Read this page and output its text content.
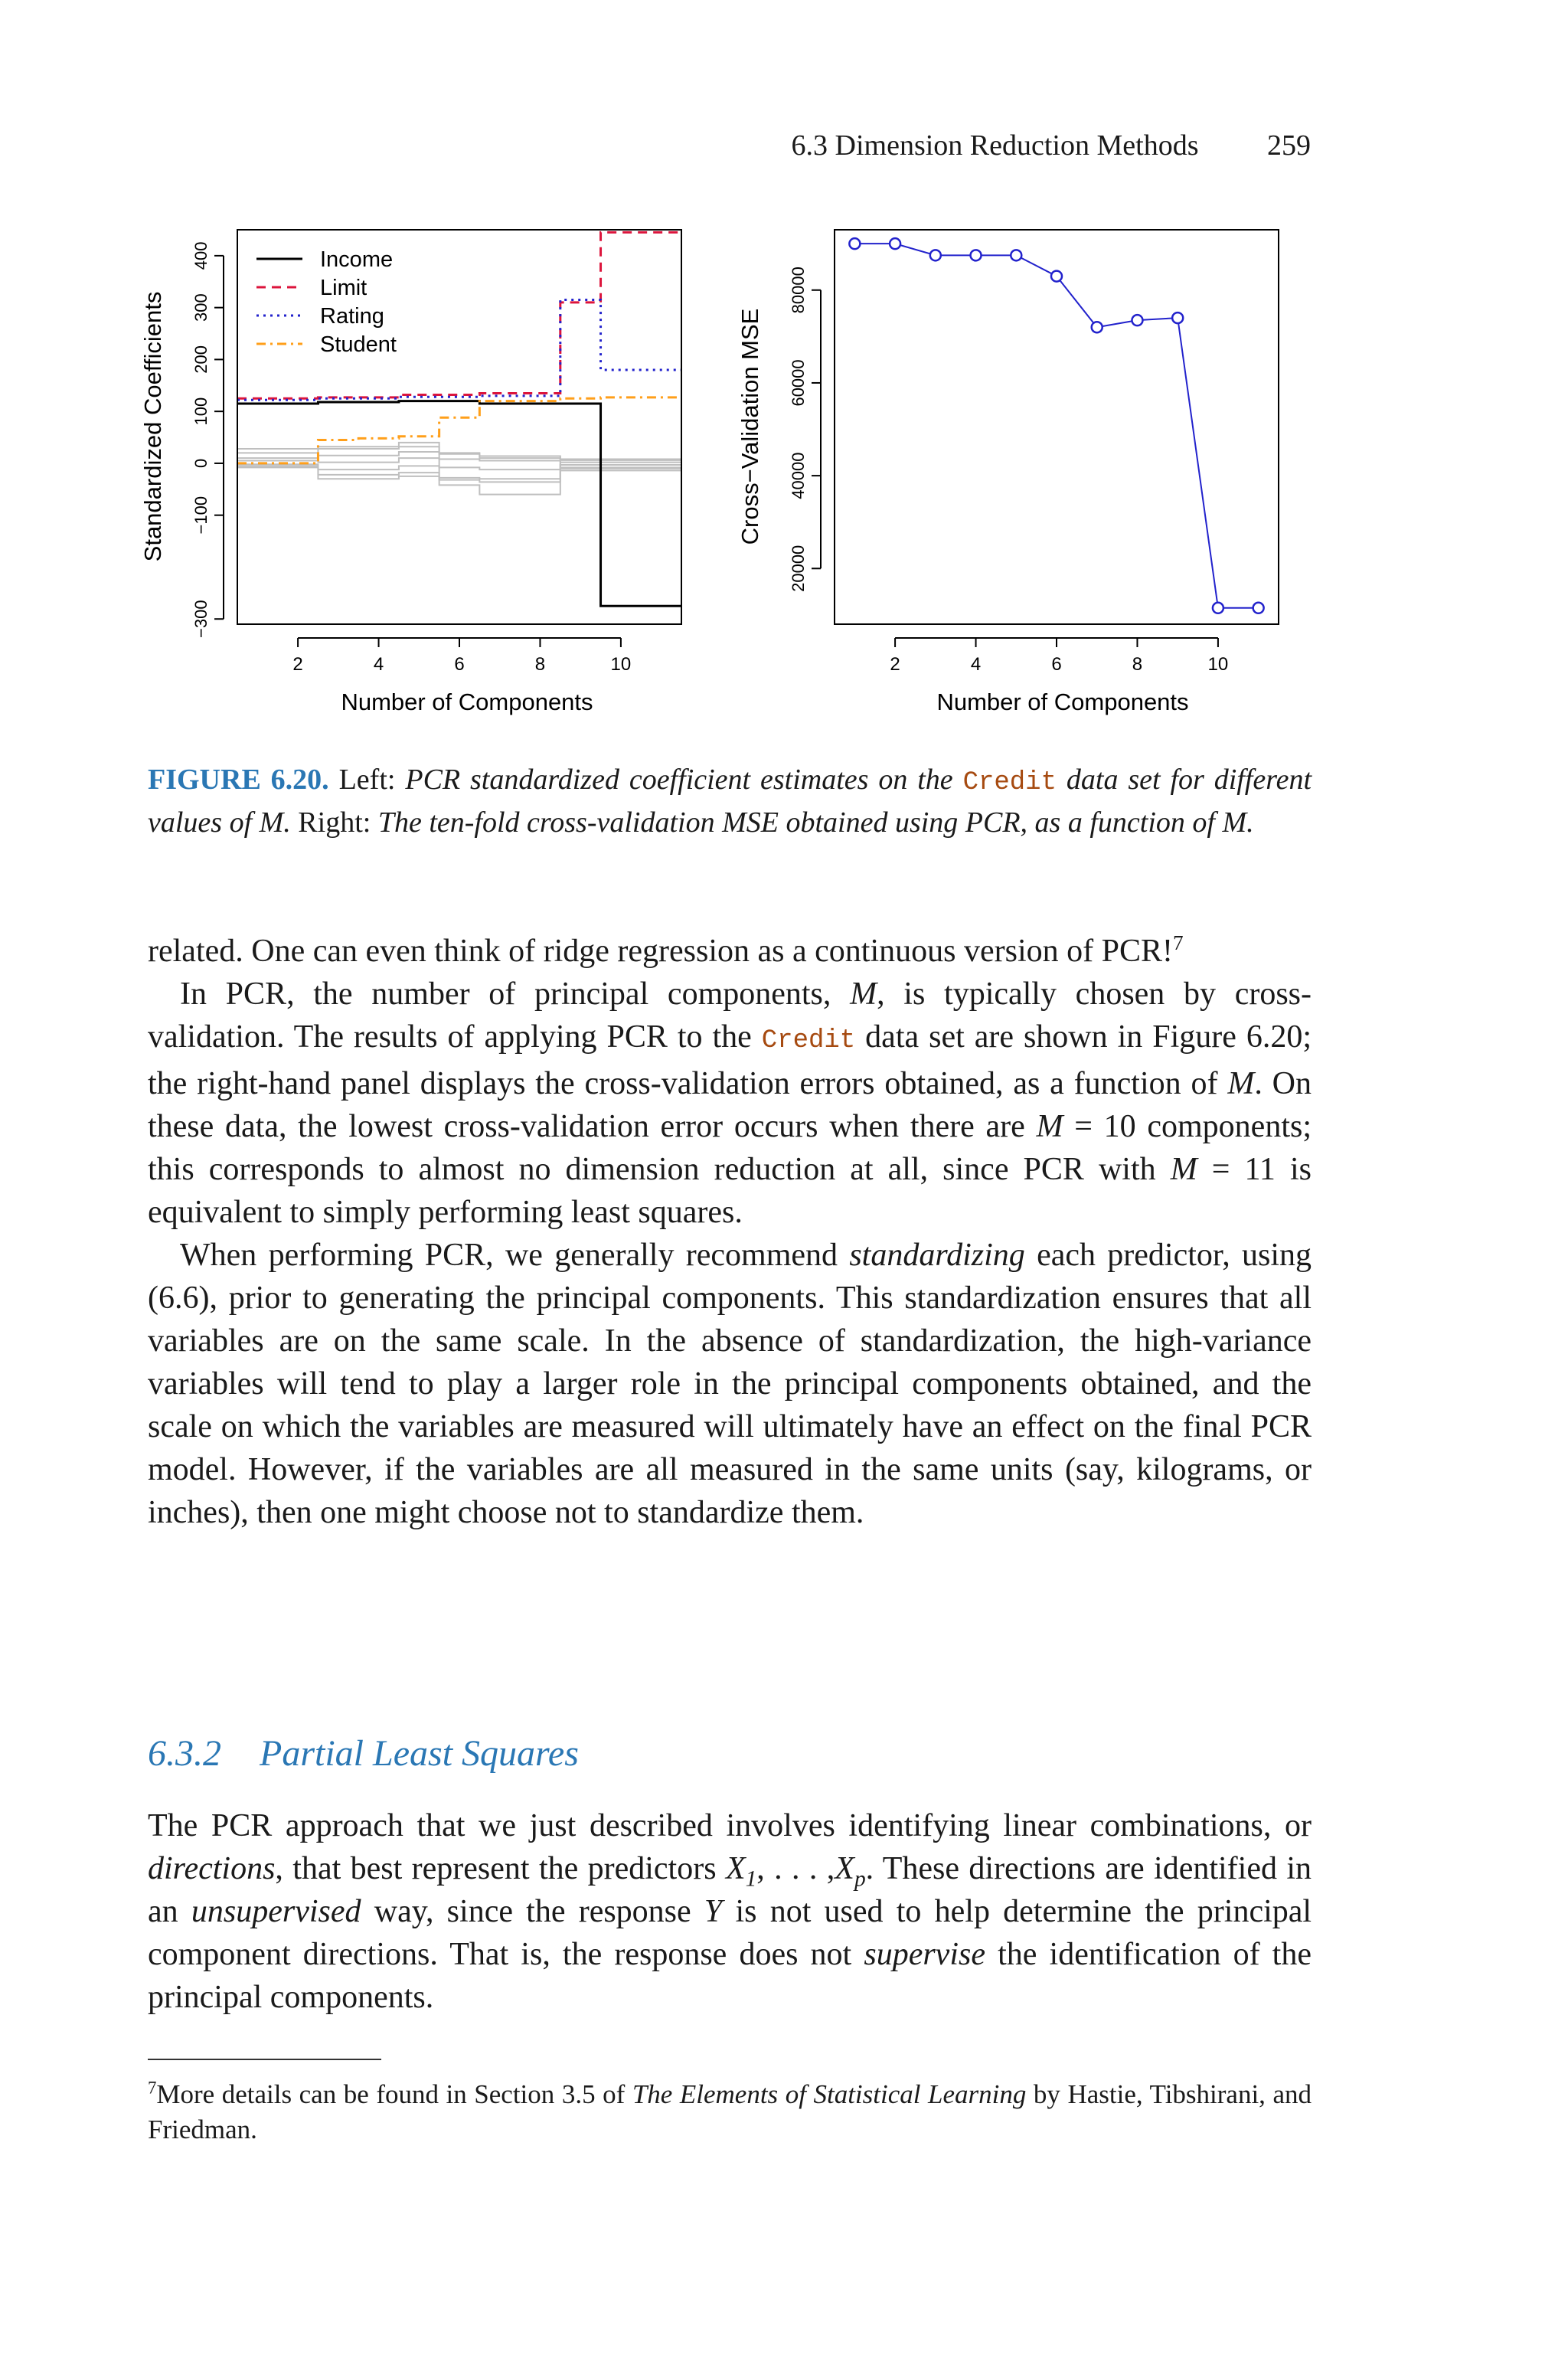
6.3 Dimension Reduction Methods 259
2	4	6	8	10
−300
−100
0
100
200
300
400	Income
Limit
Rating
Student
Number of Components
Standardized Coefficients
2	4	6	8	10
20000
40000
60000
80000
Number of Components
Cross−Validation MSE
FIGURE 6.20. Left: PCR standardized coefficient estimates on the Credit data set for different values of M. Right: The ten-fold cross-validation MSE obtained using PCR, as a function of M.

related. One can even think of ridge regression as a continuous version of PCR!$^7$

In PCR, the number of principal components, M, is typically chosen by cross-validation. The results of applying PCR to the Credit data set are shown in Figure 6.20; the right-hand panel displays the cross-validation errors obtained, as a function of M. On these data, the lowest cross-validation error occurs when there are M = 10 components; this corresponds to almost no dimension reduction at all, since PCR with M = 11 is equivalent to simply performing least squares.

When performing PCR, we generally recommend standardizing each predictor, using (6.6), prior to generating the principal components. This standardization ensures that all variables are on the same scale. In the absence of standardization, the high-variance variables will tend to play a larger role in the principal components obtained, and the scale on which the variables are measured will ultimately have an effect on the final PCR model. However, if the variables are all measured in the same units (say, kilograms, or inches), then one might choose not to standardize them.

6.3.2 Partial Least Squares

The PCR approach that we just described involves identifying linear combinations, or directions, that best represent the predictors $X_1$, . . . $,X_p$. These directions are identified in an unsupervised way, since the response Y is not used to help determine the principal component directions. That is, the response does not supervise the identification of the principal components.

$^7$More details can be found in Section 3.5 of The Elements of Statistical Learning by Hastie, Tibshirani, and Friedman.
